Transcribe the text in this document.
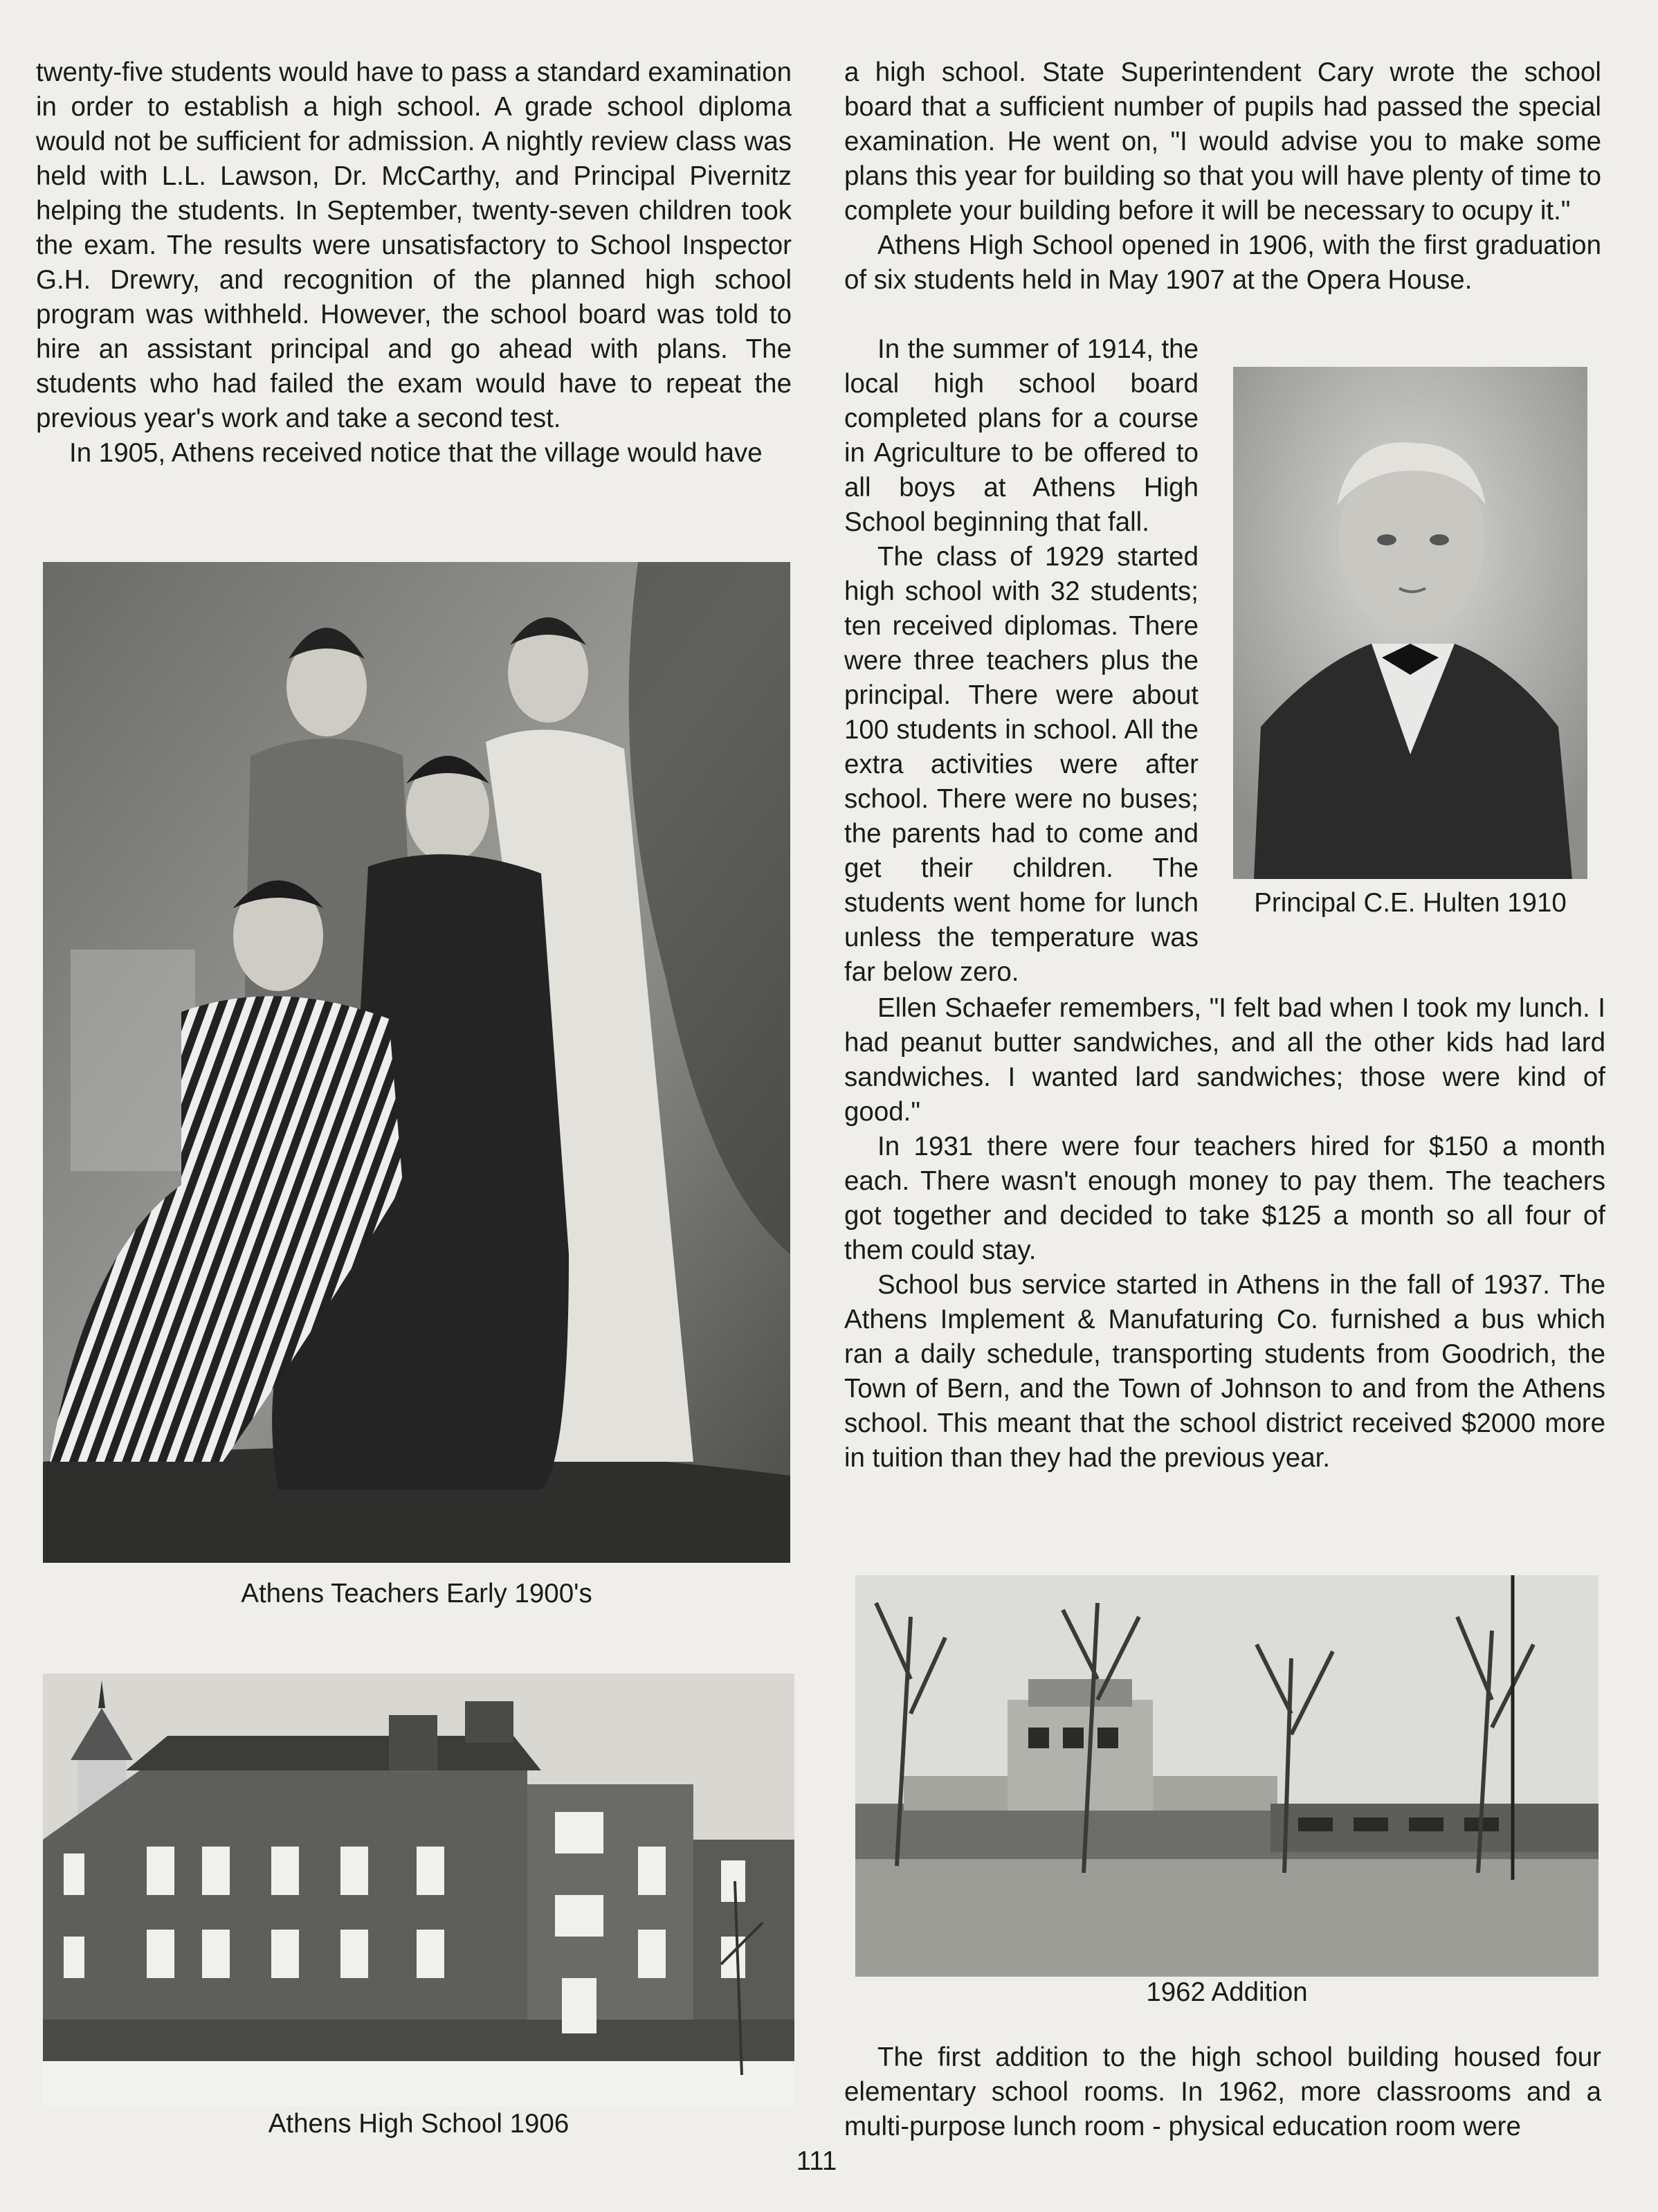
twenty-five students would have to pass a standard examination in order to establish a high school. A grade school diploma would not be sufficient for admission. A nightly review class was held with L.L. Lawson, Dr. McCarthy, and Principal Pivernitz helping the students. In September, twenty-seven children took the exam. The results were unsatisfactory to School Inspector G.H. Drewry, and recognition of the planned high school program was withheld. However, the school board was told to hire an assistant principal and go ahead with plans. The students who had failed the exam would have to repeat the previous year's work and take a second test.

In 1905, Athens received notice that the village would have

a high school. State Superintendent Cary wrote the school board that a sufficient number of pupils had passed the special examination. He went on, "I would advise you to make some plans this year for building so that you will have plenty of time to complete your building before it will be necessary to ocupy it."

Athens High School opened in 1906, with the first graduation of six students held in May 1907 at the Opera House.

In the summer of 1914, the local high school board completed plans for a course in Agriculture to be offered to all boys at Athens High School beginning that fall.

The class of 1929 started high school with 32 students; ten received diplomas. There were three teachers plus the principal. There were about 100 students in school. All the extra activities were after school. There were no buses; the parents had to come and get their children. The students went home for lunch unless the temperature was far below zero.

Principal C.E. Hulten 1910

Ellen Schaefer remembers, "I felt bad when I took my lunch. I had peanut butter sandwiches, and all the other kids had lard sandwiches. I wanted lard sandwiches; those were kind of good."

In 1931 there were four teachers hired for $150 a month each. There wasn't enough money to pay them. The teachers got together and decided to take $125 a month so all four of them could stay.

School bus service started in Athens in the fall of 1937. The Athens Implement & Manufaturing Co. furnished a bus which ran a daily schedule, transporting students from Goodrich, the Town of Bern, and the Town of Johnson to and from the Athens school. This meant that the school district received $2000 more in tuition than they had the previous year.

Athens Teachers Early 1900's
Athens High School 1906
1962 Addition

The first addition to the high school building housed four elementary school rooms. In 1962, more classrooms and a multi-purpose lunch room - physical education room were

111
